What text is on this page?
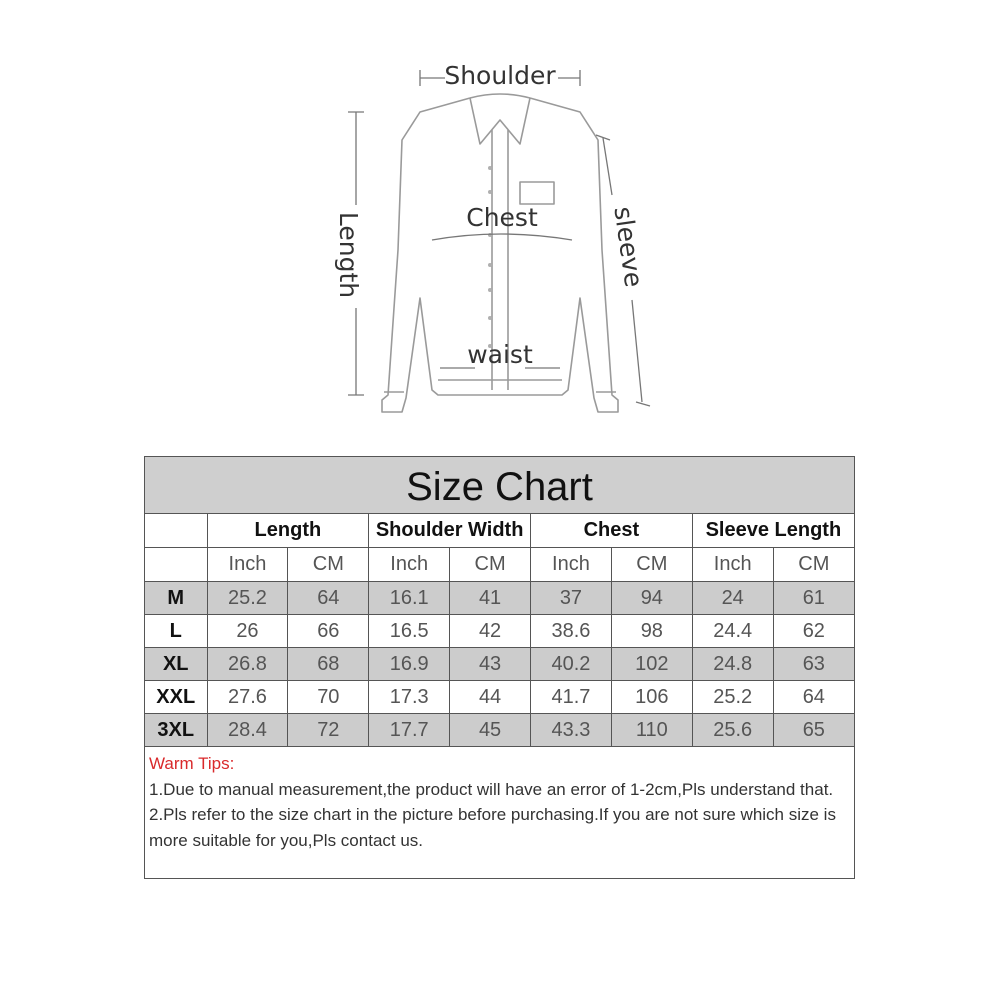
Shoulder
Chest
waist
Length	sleeve
Size Chart
	Length		Shoulder Width		Chest		Sleeve Length	
	Inch	CM	Inch	CM	Inch	CM	Inch	CM
M	25.2	64	16.1	41	37	94	24	61
L	26	66	16.5	42	38.6	98	24.4	62
XL	26.8	68	16.9	43	40.2	102	24.8	63
XXL	27.6	70	17.3	44	41.7	106	25.2	64
3XL	28.4	72	17.7	45	43.3	110	25.6	65
Warm Tips:
1.Due to manual measurement,the product will have an error of 1-2cm,Pls understand that.
2.Pls refer to the size chart in the picture before purchasing.If you are not sure which size is more suitable for you,Pls contact us.
